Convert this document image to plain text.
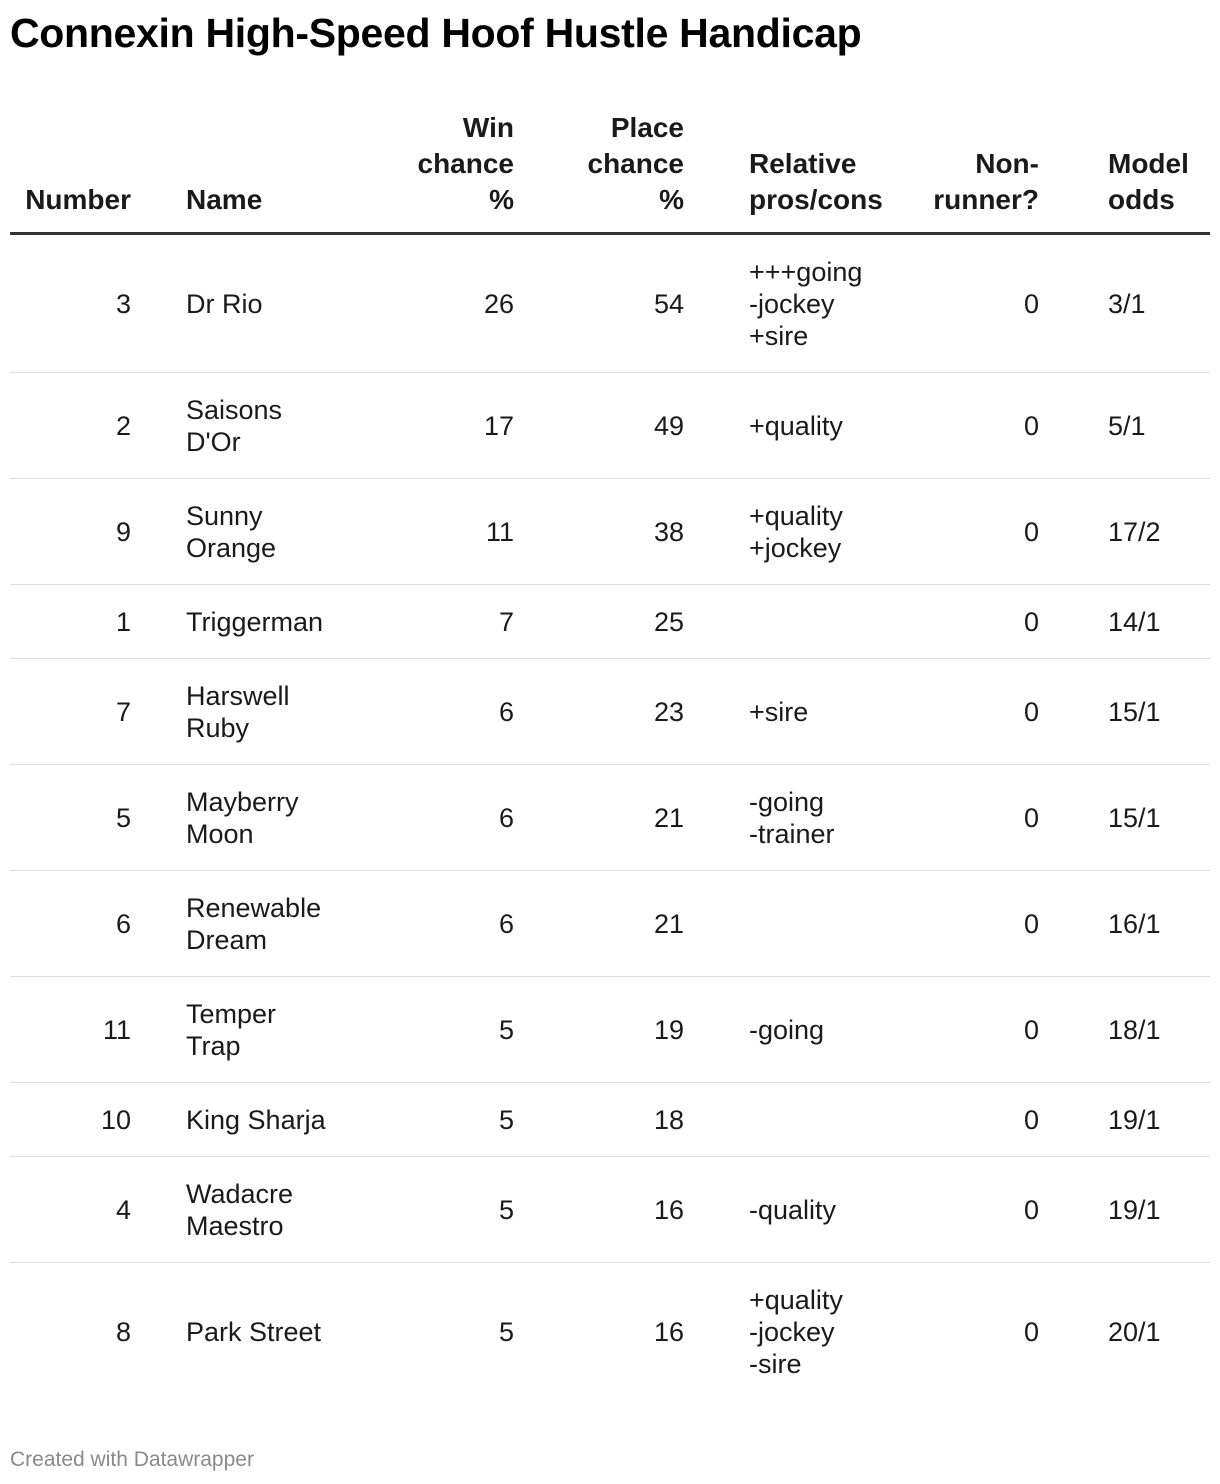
Connexin High-Speed Hoof Hustle Handicap
Number	Name	Win
chance
%	Place
chance
%	Relative
pros/cons	Non-
runner?	Model
odds

3	Dr Rio	26	54	+++going
-jockey
+sire	0	3/1
2	Saisons
D'Or	17	49	+quality	0	5/1
9	Sunny
Orange	11	38	+quality
+jockey	0	17/2
1	Triggerman	7	25		0	14/1
7	Harswell
Ruby	6	23	+sire	0	15/1
5	Mayberry
Moon	6	21	-going
-trainer	0	15/1
6	Renewable
Dream	6	21		0	16/1
11	Temper
Trap	5	19	-going	0	18/1
10	King Sharja	5	18		0	19/1
4	Wadacre
Maestro	5	16	-quality	0	19/1
8	Park Street	5	16	+quality
-jockey
-sire	0	20/1
Created with Datawrapper
